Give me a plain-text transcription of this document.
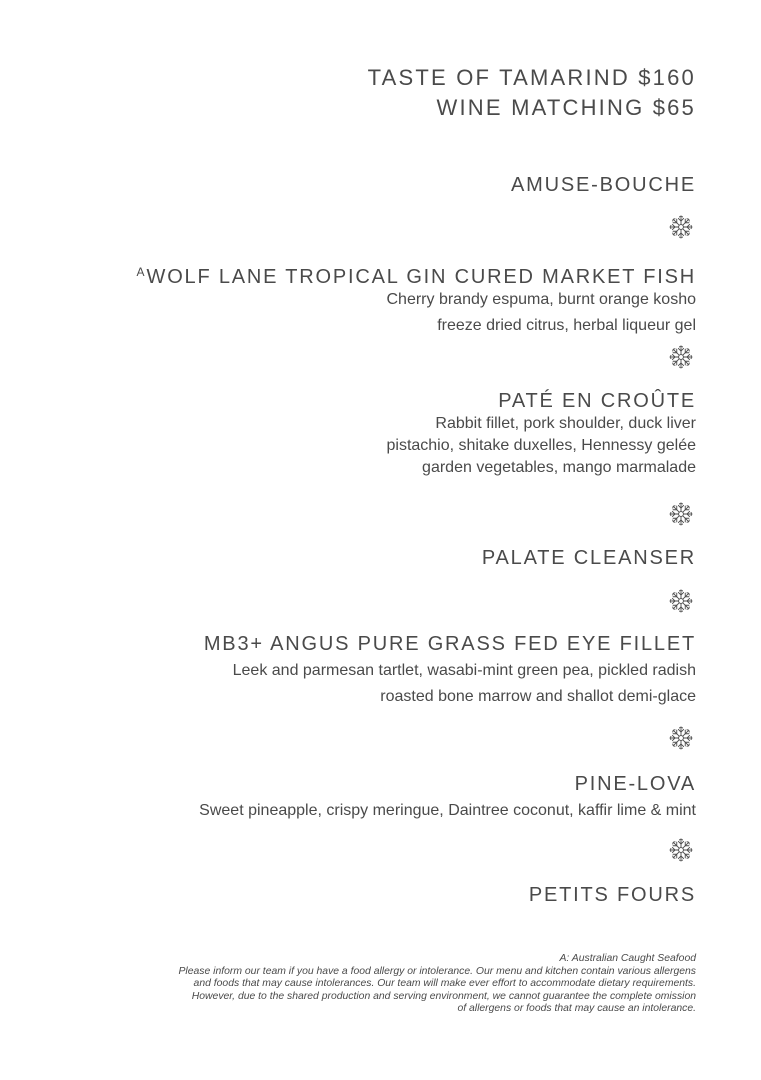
TASTE OF TAMARIND $160
WINE MATCHING $65
AMUSE-BOUCHE
$^A$ WOLF LANE TROPICAL GIN CURED MARKET FISH
Cherry brandy espuma, burnt orange kosho
freeze dried citrus, herbal liqueur gel
PATÉ EN CROÛTE
Rabbit fillet, pork shoulder, duck liver
pistachio, shitake duxelles, Hennessy gelée
garden vegetables, mango marmalade
PALATE CLEANSER
MB3+ ANGUS PURE GRASS FED EYE FILLET
Leek and parmesan tartlet, wasabi-mint green pea, pickled radish
roasted bone marrow and shallot demi-glace
PINE-LOVA
Sweet pineapple, crispy meringue, Daintree coconut, kaffir lime & mint
PETITS FOURS
A: Australian Caught Seafood
Please inform our team if you have a food allergy or intolerance. Our menu and kitchen contain various allergens
and foods that may cause intolerances. Our team will make ever effort to accommodate dietary requirements.
However, due to the shared production and serving environment, we cannot guarantee the complete omission
of allergens or foods that may cause an intolerance.
